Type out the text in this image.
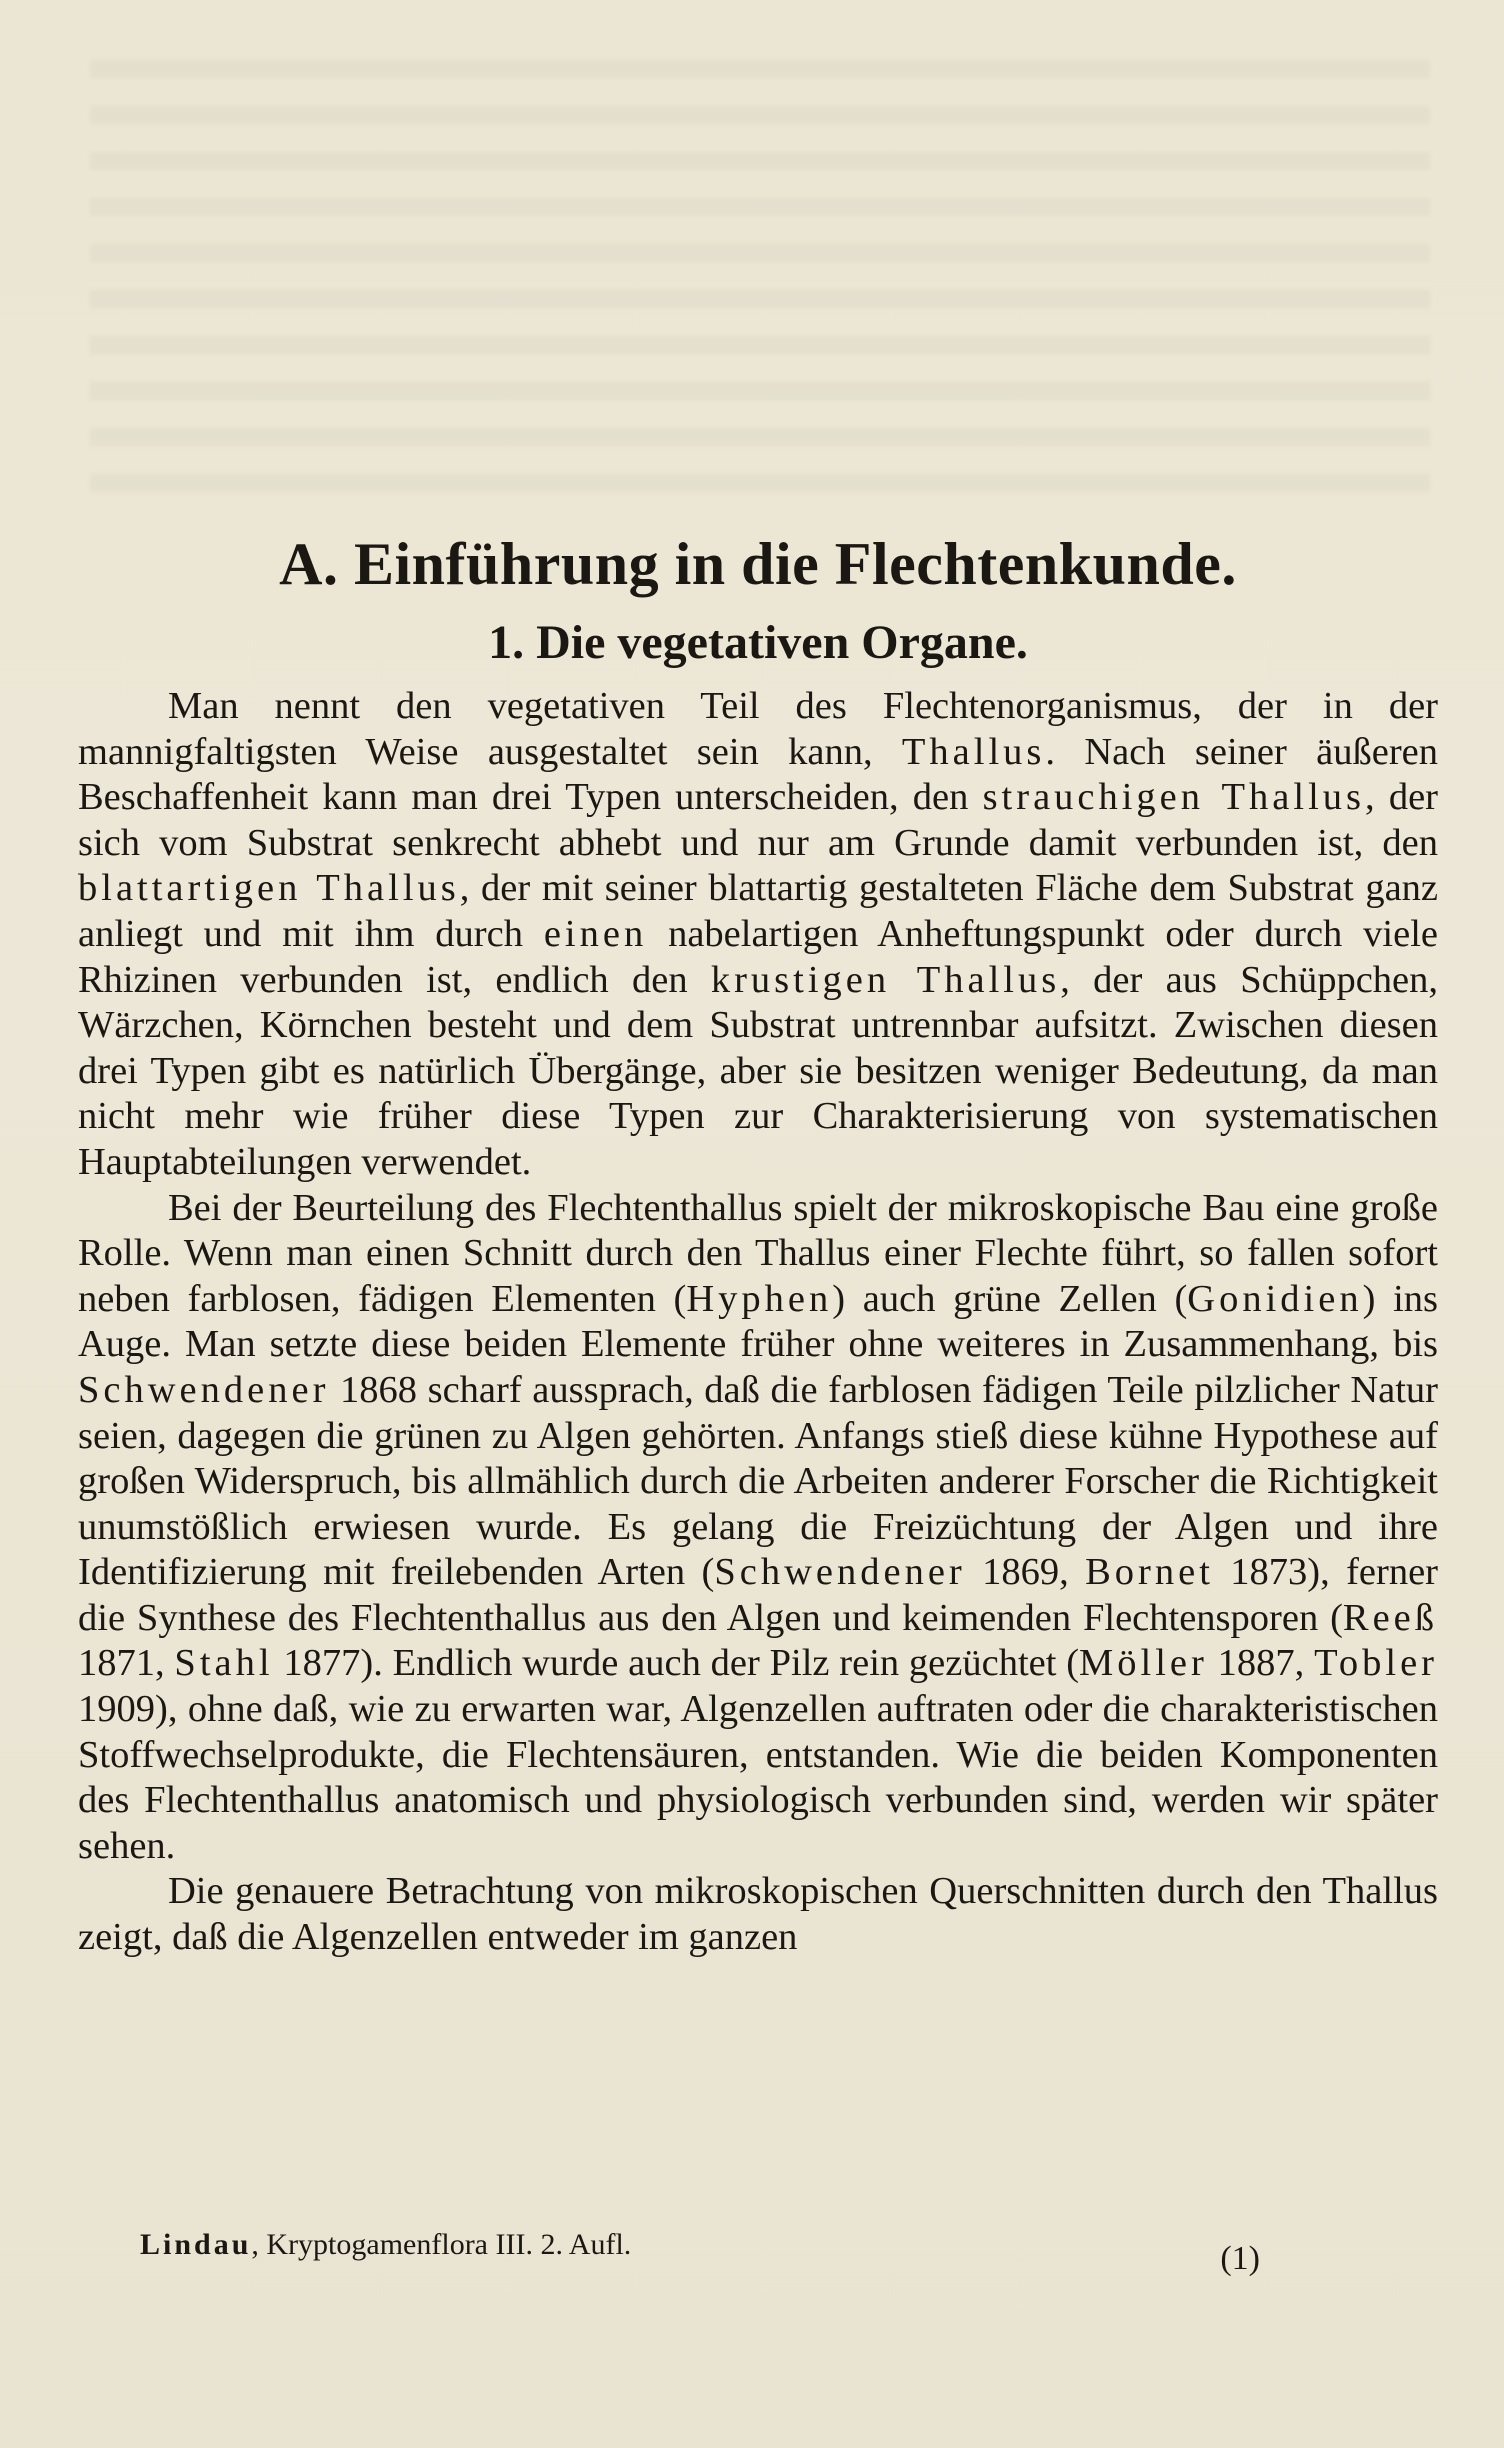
A. Einführung in die Flechtenkunde.
1. Die vegetativen Organe.

Man nennt den vegetativen Teil des Flechtenorganismus, der in der mannigfaltigsten Weise ausgestaltet sein kann, Thallus. Nach seiner äußeren Beschaffenheit kann man drei Typen unterscheiden, den strauchigen Thallus, der sich vom Substrat senkrecht abhebt und nur am Grunde damit verbunden ist, den blattartigen Thallus, der mit seiner blattartig gestalteten Fläche dem Substrat ganz anliegt und mit ihm durch einen nabelartigen Anheftungspunkt oder durch viele Rhizinen verbunden ist, endlich den krustigen Thallus, der aus Schüppchen, Wärzchen, Körnchen besteht und dem Substrat untrennbar aufsitzt. Zwischen diesen drei Typen gibt es natürlich Übergänge, aber sie besitzen weniger Bedeutung, da man nicht mehr wie früher diese Typen zur Charakterisierung von systematischen Hauptabteilungen verwendet.

Bei der Beurteilung des Flechtenthallus spielt der mikroskopische Bau eine große Rolle. Wenn man einen Schnitt durch den Thallus einer Flechte führt, so fallen sofort neben farblosen, fädigen Elementen (Hyphen) auch grüne Zellen (Gonidien) ins Auge. Man setzte diese beiden Elemente früher ohne weiteres in Zusammenhang, bis Schwendener 1868 scharf aussprach, daß die farblosen fädigen Teile pilzlicher Natur seien, dagegen die grünen zu Algen gehörten. Anfangs stieß diese kühne Hypothese auf großen Widerspruch, bis allmählich durch die Arbeiten anderer Forscher die Richtigkeit unumstößlich erwiesen wurde. Es gelang die Freizüchtung der Algen und ihre Identifizierung mit freilebenden Arten (Schwendener 1869, Bornet 1873), ferner die Synthese des Flechtenthallus aus den Algen und keimenden Flechtensporen (Reeß 1871, Stahl 1877). Endlich wurde auch der Pilz rein gezüchtet (Möller 1887, Tobler 1909), ohne daß, wie zu erwarten war, Algenzellen auftraten oder die charakteristischen Stoffwechselprodukte, die Flechtensäuren, entstanden. Wie die beiden Komponenten des Flechtenthallus anatomisch und physiologisch verbunden sind, werden wir später sehen.

Die genauere Betrachtung von mikroskopischen Querschnitten durch den Thallus zeigt, daß die Algenzellen entweder im ganzen

Lindau, Kryptogamenflora III. 2. Aufl.	(1)
